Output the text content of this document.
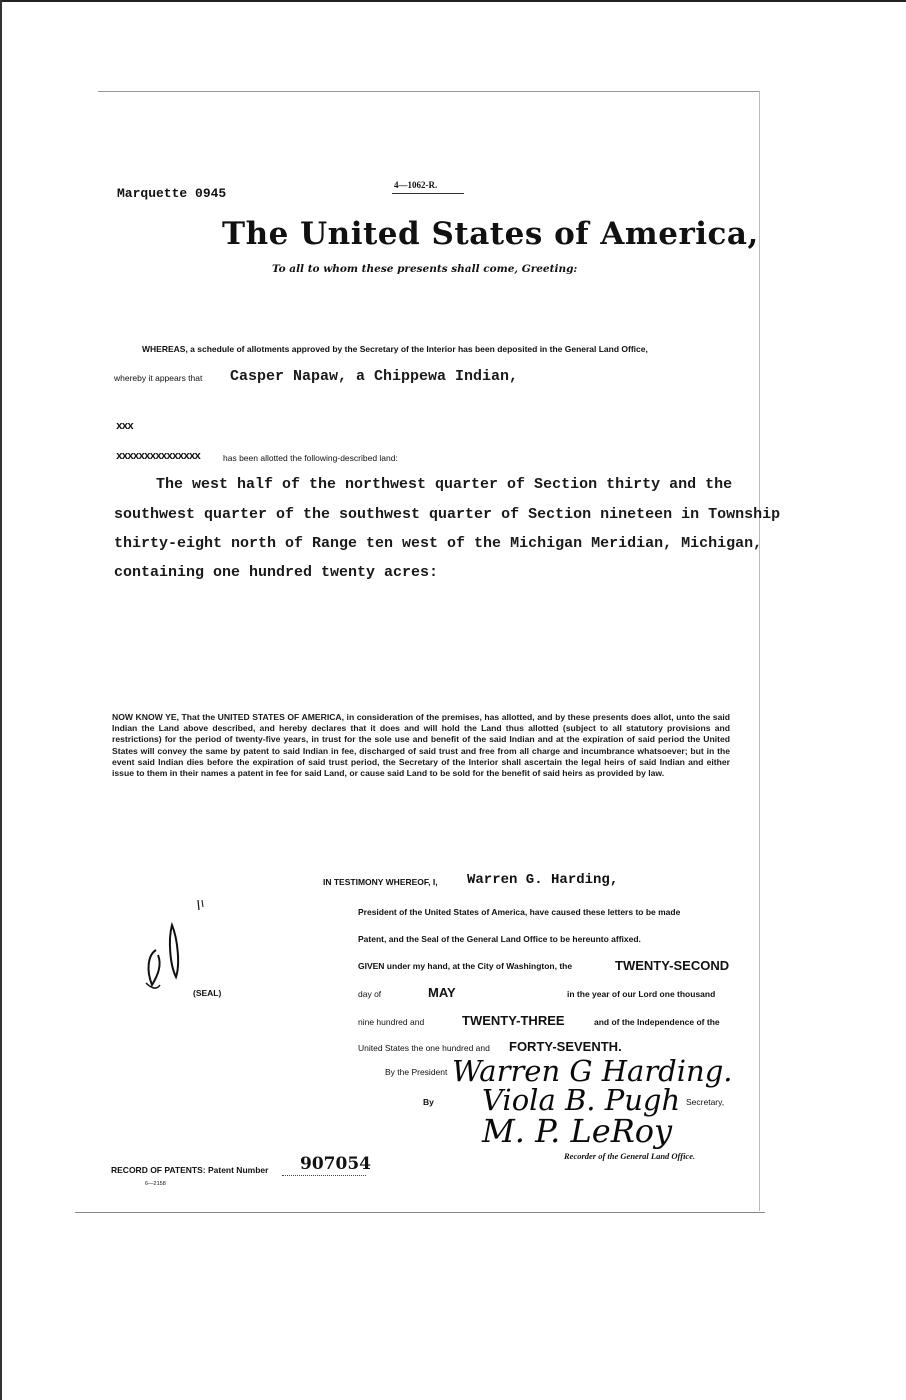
Marquette 0945
4—1062-R.
The United States of America,
To all to whom these presents shall come, Greeting:
WHEREAS, a schedule of allotments approved by the Secretary of the Interior has been deposited in the General Land Office,
whereby it appears that Casper Napaw, a Chippewa Indian,
xxx
xxxxxxxxxxxxxxx	has been allotted the following-described land:
The west half of the northwest quarter of Section thirty and the
southwest quarter of the southwest quarter of Section nineteen in Township
thirty-eight north of Range ten west of the Michigan Meridian, Michigan,
containing one hundred twenty acres:
NOW KNOW YE, That the UNITED STATES OF AMERICA, in consideration of the premises, has allotted, and by these presents does allot, unto the said Indian the Land above described, and hereby declares that it does and will hold the Land thus allotted (subject to all statutory provisions and restrictions) for the period of twenty-five years, in trust for the sole use and benefit of the said Indian and at the expiration of said period the United States will convey the same by patent to said Indian in fee, discharged of said trust and free from all charge and incumbrance whatsoever; but in the event said Indian dies before the expiration of said trust period, the Secretary of the Interior shall ascertain the legal heirs of said Indian and either issue to them in their names a patent in fee for said Land, or cause said Land to be sold for the benefit of said heirs as provided by law.
IN TESTIMONY WHEREOF, I, Warren G. Harding,
President of the United States of America, have caused these letters to be made
Patent, and the Seal of the General Land Office to be hereunto affixed.
GIVEN under my hand, at the City of Washington, the	TWENTY-SECOND
day of	MAY	in the year of our Lord one thousand
nine hundred and	TWENTY-THREE	and of the Independence of the
United States the one hundred and FORTY-SEVENTH.
(SEAL)
By the President Warren G Harding.
By Viola B. Pugh Secretary,
M. P. LeRoy
Recorder of the General Land Office.
RECORD OF PATENTS: Patent Number 907054
6—2158
